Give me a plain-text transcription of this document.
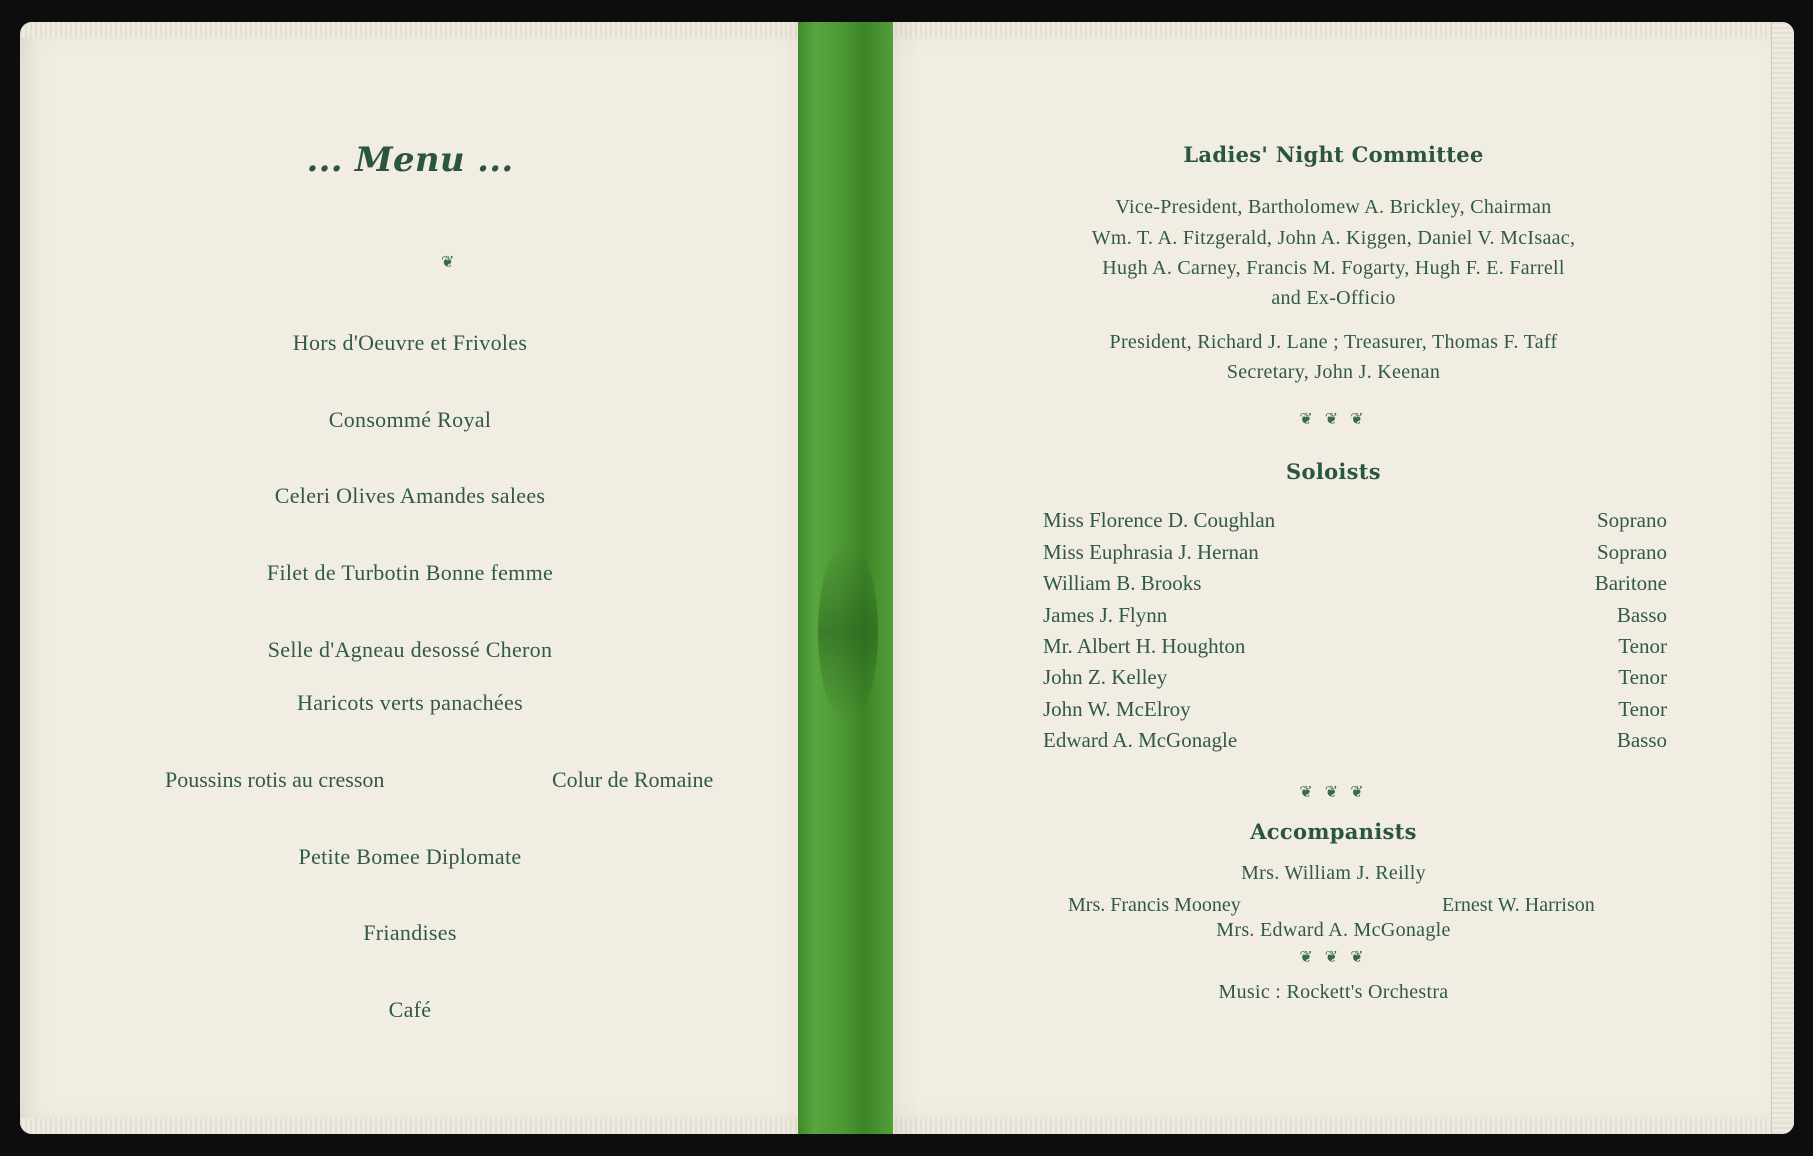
... Menu ...
❦
Hors d'Oeuvre et Frivoles
Consommé Royal
Celeri Olives Amandes salees
Filet de Turbotin Bonne femme
Selle d'Agneau desossé Cheron
Haricots verts panachées
Poussins rotis au cresson	Colur de Romaine
Petite Bomee Diplomate
Friandises
Café
Ladies' Night Committee
Vice-President, Bartholomew A. Brickley, Chairman
Wm. T. A. Fitzgerald, John A. Kiggen, Daniel V. McIsaac,
Hugh A. Carney, Francis M. Fogarty, Hugh F. E. Farrell
and Ex-Officio
President, Richard J. Lane ; Treasurer, Thomas F. Taff
Secretary, John J. Keenan
❦ ❦ ❦
Soloists
Miss Florence D. Coughlan	Soprano
Miss Euphrasia J. Hernan	Soprano
William B. Brooks	Baritone
James J. Flynn	Basso
Mr. Albert H. Houghton	Tenor
John Z. Kelley	Tenor
John W. McElroy	Tenor
Edward A. McGonagle	Basso
❦ ❦ ❦
Accompanists
Mrs. William J. Reilly
Mrs. Francis Mooney	Ernest W. Harrison
Mrs. Edward A. McGonagle
❦ ❦ ❦
Music : Rockett's Orchestra
